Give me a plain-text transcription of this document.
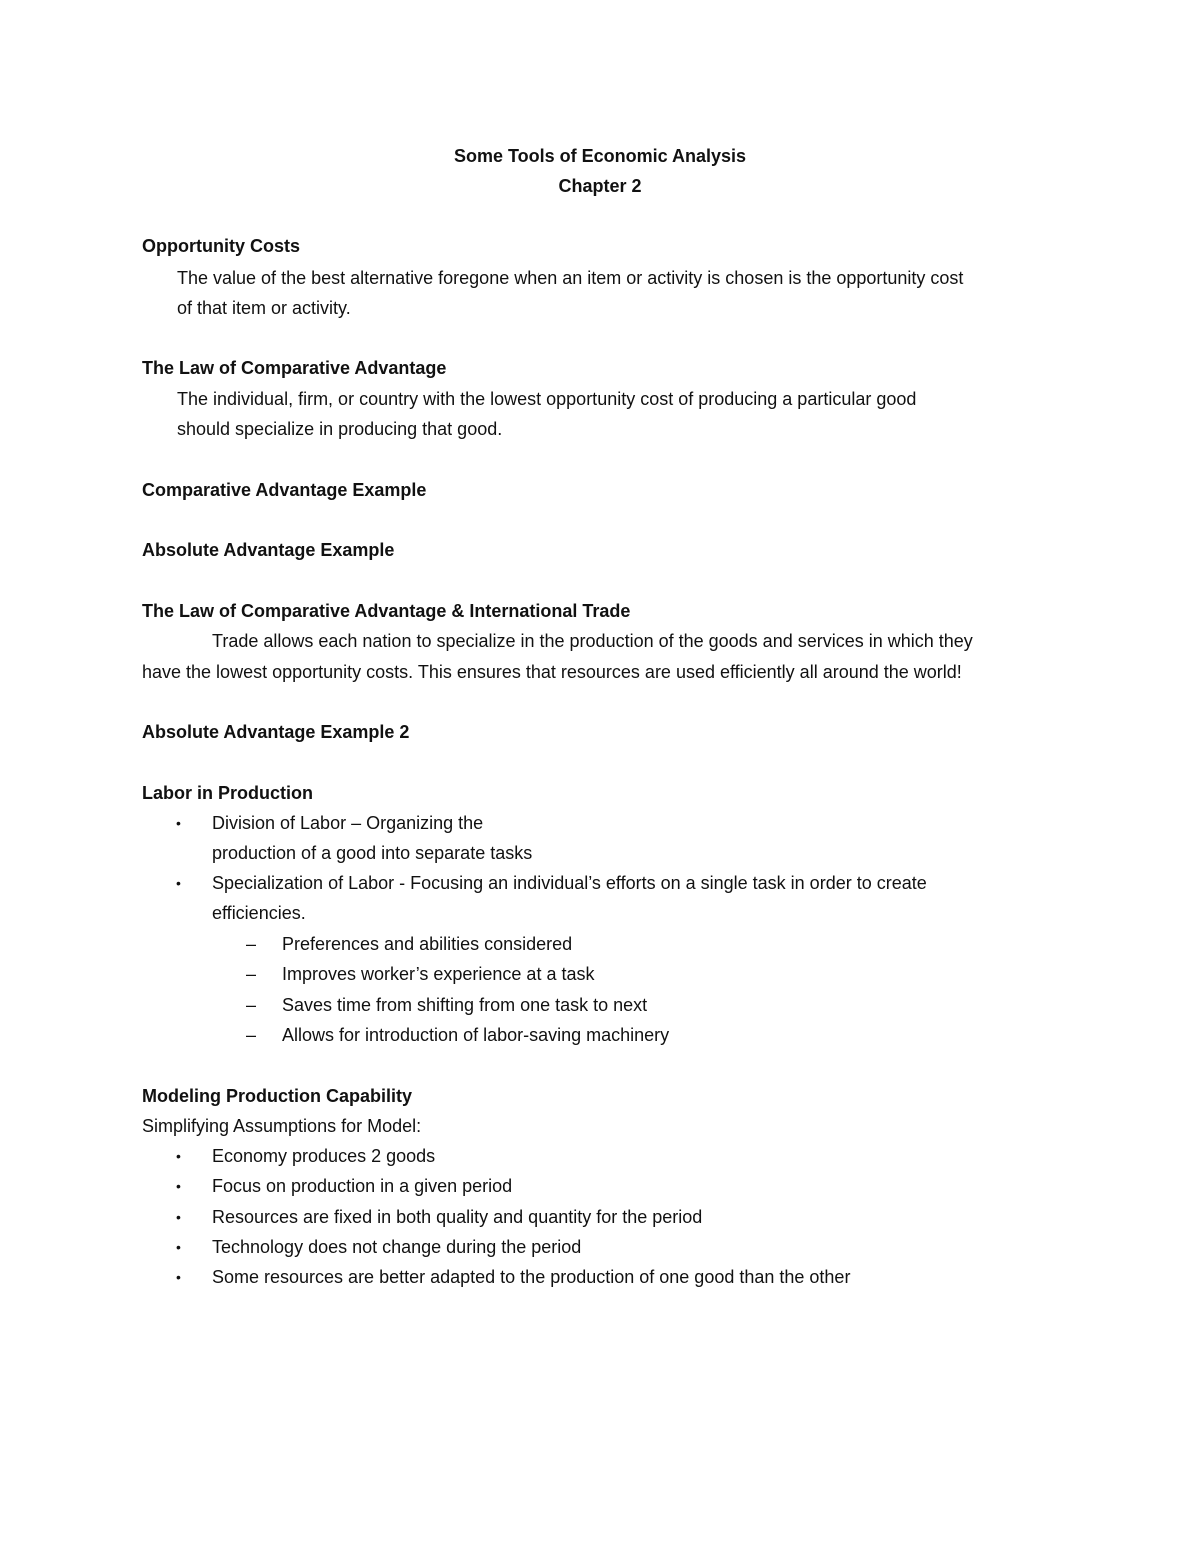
Some Tools of Economic Analysis
Chapter 2
Opportunity Costs
The value of the best alternative foregone when an item or activity is chosen is the opportunity cost
of that item or activity.
The Law of Comparative Advantage
The individual, firm, or country with the lowest opportunity cost of producing a particular good
should specialize in producing that good.
Comparative Advantage Example
Absolute Advantage Example
The Law of Comparative Advantage & International Trade
Trade allows each nation to specialize in the production of the goods and services in which they
have the lowest opportunity costs. This ensures that resources are used efficiently all around the world!
Absolute Advantage Example 2
Labor in Production
• Division of Labor – Organizing the
production of a good into separate tasks
• Specialization of Labor - Focusing an individual’s efforts on a single task in order to create
efficiencies.
– Preferences and abilities considered
– Improves worker’s experience at a task
– Saves time from shifting from one task to next
– Allows for introduction of labor-saving machinery
Modeling Production Capability
Simplifying Assumptions for Model:
• Economy produces 2 goods
• Focus on production in a given period
• Resources are fixed in both quality and quantity for the period
• Technology does not change during the period
• Some resources are better adapted to the production of one good than the other
